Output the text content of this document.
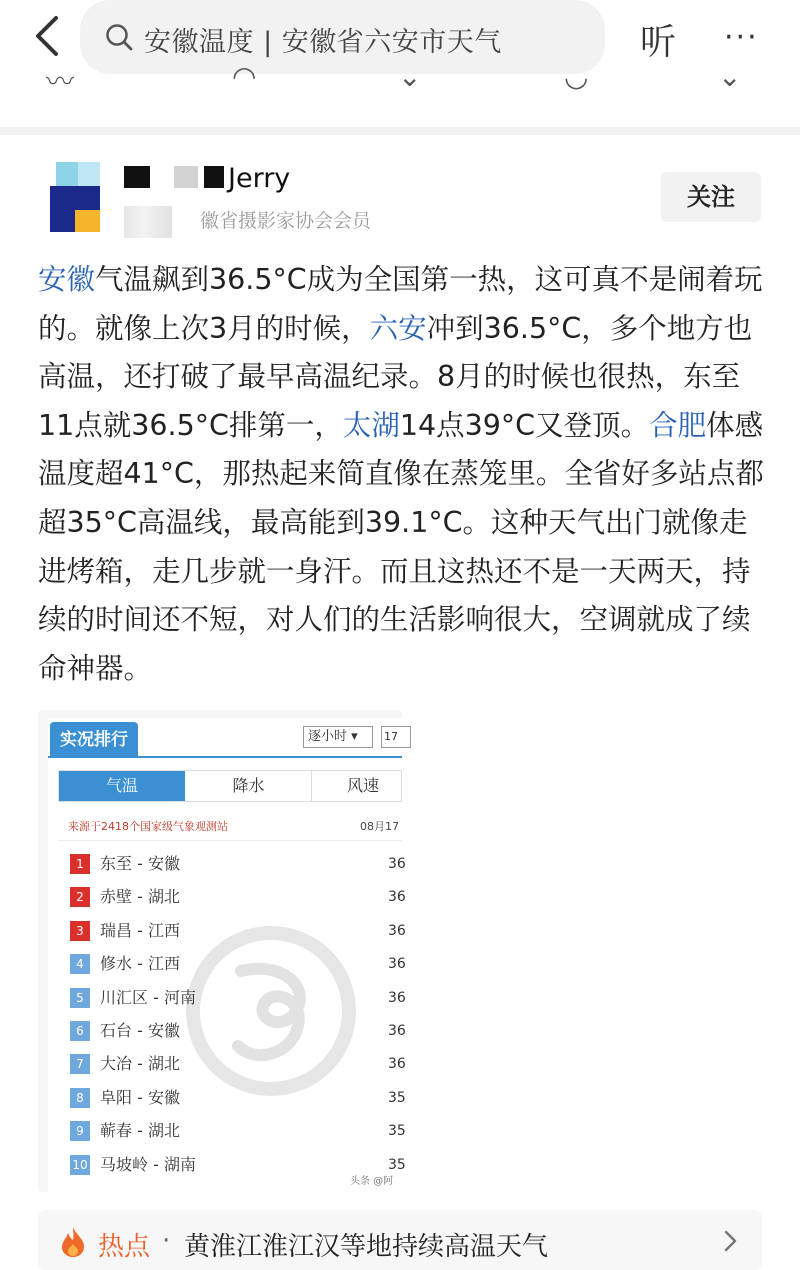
安徽温度 | 安徽省六安市天气	听 ···
〰	◠	⌄	◡	⌄
Jerry
徽省摄影家协会会员
关注
安徽气温飙到36.5°C成为全国第一热，这可真不是闹着玩的。就像上次3月的时候，六安冲到36.5°C，多个地方也高温，还打破了最早高温纪录。8月的时候也很热，东至11点就36.5°C排第一，太湖14点39°C又登顶。合肥体感温度超41°C，那热起来简直像在蒸笼里。全省好多站点都超35°C高温线，最高能到39.1°C。这种天气出门就像走进烤箱，走几步就一身汗。而且这热还不是一天两天，持续的时间还不短，对人们的生活影响很大，空调就成了续命神器。
实况排行	逐小时 ▾	17
气温	降水	风速
来源于2418个国家级气象观测站	08月17
1	东至 - 安徽	36
2	赤壁 - 湖北	36
3	瑞昌 - 江西	36
4	修水 - 江西	36
5	川汇区 - 河南	36
6	石台 - 安徽	36
7	大冶 - 湖北	36
8	阜阳 - 安徽	35
9	蕲春 - 湖北	35
10 马坡岭 - 湖南	35
头条 @阿
热点 · 黄淮江淮江汉等地持续高温天气
